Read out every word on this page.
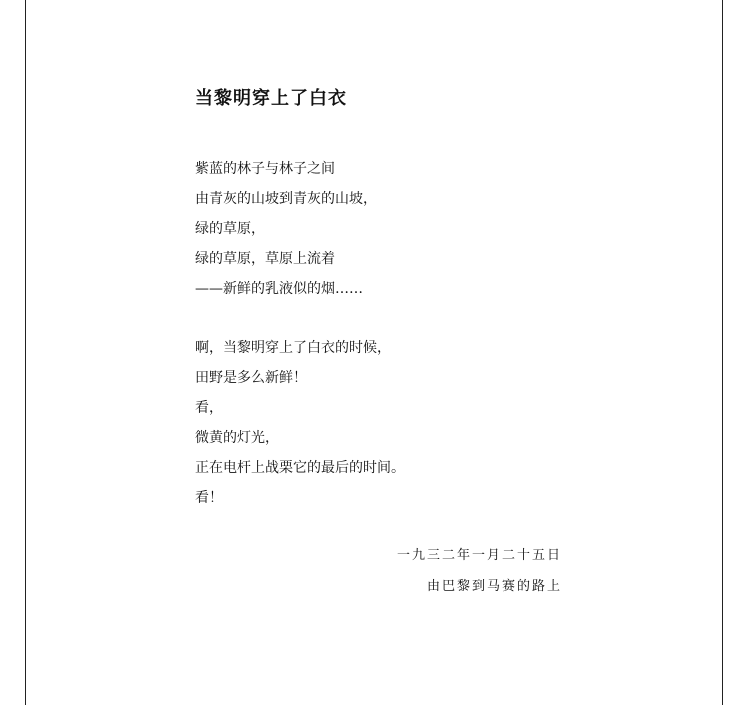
当黎明穿上了白衣
紫蓝的林子与林子之间
由青灰的山坡到青灰的山坡，
绿的草原，
绿的草原，草原上流着
——新鲜的乳液似的烟……
啊，当黎明穿上了白衣的时候，
田野是多么新鲜！
看，
微黄的灯光，
正在电杆上战栗它的最后的时间。
看！
一九三二年一月二十五日
由巴黎到马赛的路上
